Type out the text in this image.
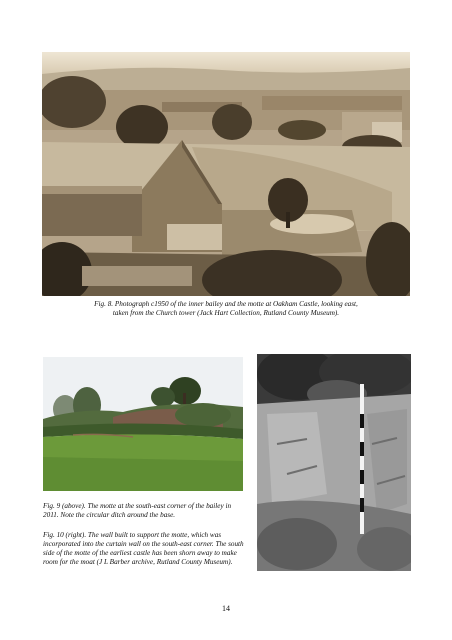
Fig. 8. Photograph c1950 of the inner bailey and the motte at Oakham Castle, looking east,
taken from the Church tower (Jack Hart Collection, Rutland County Museum).
Fig. 9 (above). The motte at the south-east corner of the bailey in 2011. Note the circular ditch around the base.
Fig. 10 (right). The wall built to support the motte, which was incorporated into the curtain wall on the south-east corner. The south side of the motte of the earliest castle has been shorn away to make room for the moat (J L Barber archive, Rutland County Museum).
14
